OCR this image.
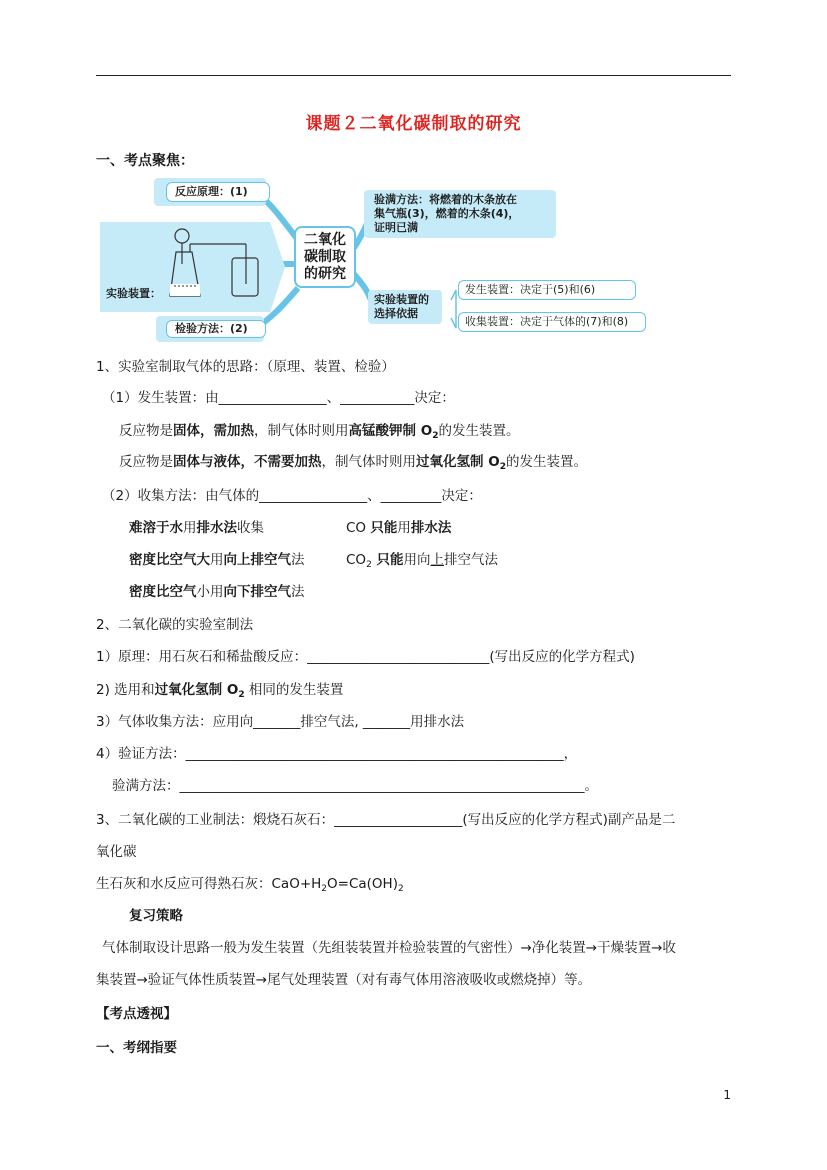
课题２二氧化碳制取的研究
一、考点聚焦：
反应原理：(1)
实验装置：
检验方法：(2)
二氧化
碳制取
的研究
验满方法：将燃着的木条放在
集气瓶(3)，燃着的木条(4)，
证明已满
实验装置的
选择依据
发生装置：决定于(5)和(6)
收集装置：决定于气体的(7)和(8)
1、实验室制取气体的思路：（原理、装置、检验）
（1）发生装置：由________________、___________决定：
反应物是固体，需加热，制气体时则用高锰酸钾制 $O_2$的发生装置。
反应物是固体与液体，不需要加热，制气体时则用过氧化氢制 $O_2$的发生装置。
（2）收集方法：由气体的________________、_________决定：
难溶于水用排水法收集	CO 只能用排水法
密度比空气大用向上排空气法	$CO_2$ 只能用向上排空气法
密度比空气小用向下排空气法
2、二氧化碳的实验室制法
1）原理：用石灰石和稀盐酸反应：___________________________(写出反应的化学方程式)
2) 选用和过氧化氢制 $O_2$ 相同的发生装置
3）气体收集方法：应用向_______排空气法, _______用排水法
4）验证方法：________________________________________________________，
验满方法：____________________________________________________________。
3、二氧化碳的工业制法：煅烧石灰石：___________________(写出反应的化学方程式)副产品是二
氧化碳
生石灰和水反应可得熟石灰：$CaO+H_2O=Ca(OH)_2$
复习策略
气体制取设计思路一般为发生装置（先组装装置并检验装置的气密性）→净化装置→干燥装置→收
集装置→验证气体性质装置→尾气处理装置（对有毒气体用溶液吸收或燃烧掉）等。
【考点透视】
一、考纲指要
1
